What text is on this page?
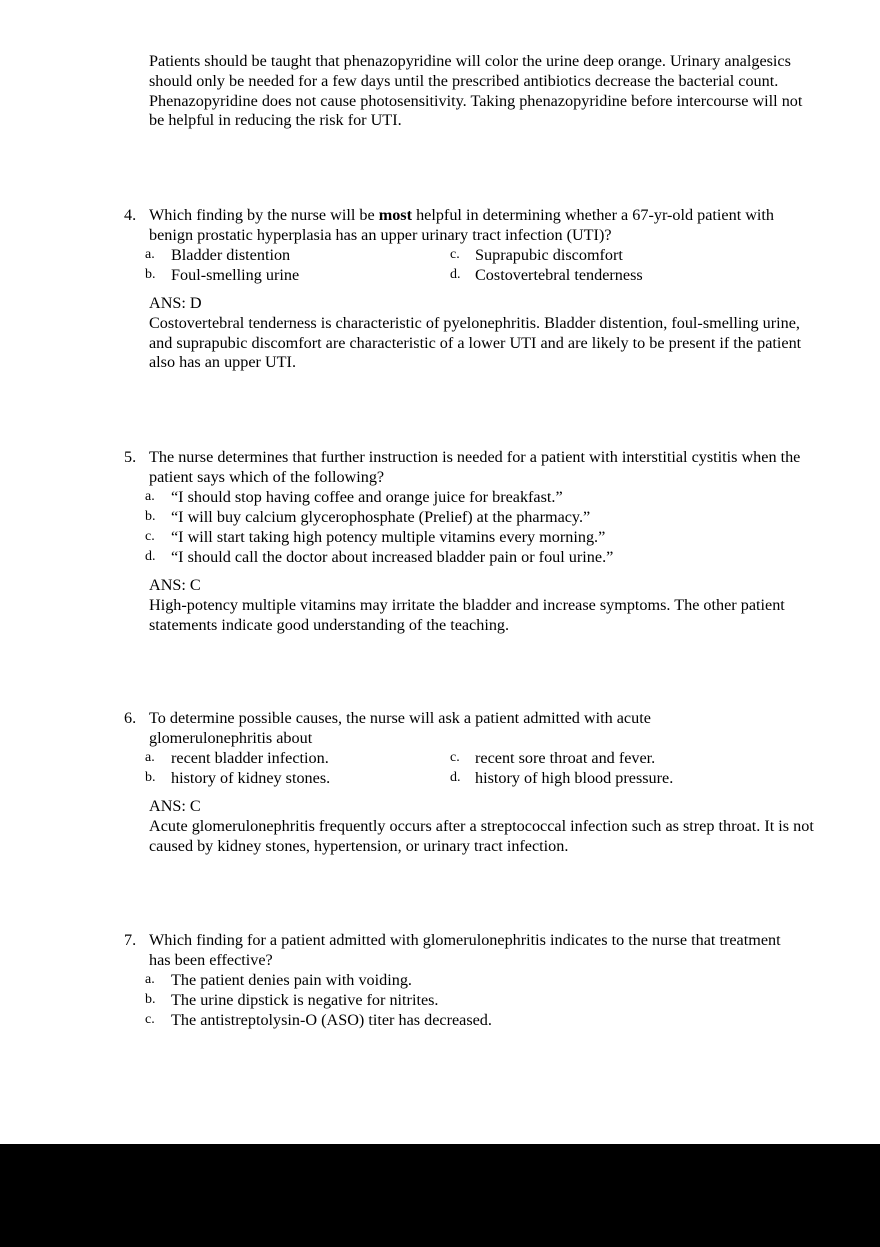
Patients should be taught that phenazopyridine will color the urine deep orange. Urinary analgesics should only be needed for a few days until the prescribed antibiotics decrease the bacterial count. Phenazopyridine does not cause photosensitivity. Taking phenazopyridine before intercourse will not be helpful in reducing the risk for UTI.

4. Which finding by the nurse will be most helpful in determining whether a 67-yr-old patient with benign prostatic hyperplasia has an upper urinary tract infection (UTI)?
a. Bladder distention
b. Foul-smelling urine
c. Suprapubic discomfort
d. Costovertebral tenderness
ANS: D
Costovertebral tenderness is characteristic of pyelonephritis. Bladder distention, foul-smelling urine, and suprapubic discomfort are characteristic of a lower UTI and are likely to be present if the patient also has an upper UTI.
5. The nurse determines that further instruction is needed for a patient with interstitial cystitis when the patient says which of the following?
a. “I should stop having coffee and orange juice for breakfast.”
b. “I will buy calcium glycerophosphate (Prelief) at the pharmacy.”
c. “I will start taking high potency multiple vitamins every morning.”
d. “I should call the doctor about increased bladder pain or foul urine.”
ANS: C
High-potency multiple vitamins may irritate the bladder and increase symptoms. The other patient statements indicate good understanding of the teaching.
6. To determine possible causes, the nurse will ask a patient admitted with acute glomerulonephritis about
a. recent bladder infection.
b. history of kidney stones.
c. recent sore throat and fever.
d. history of high blood pressure.
ANS: C
Acute glomerulonephritis frequently occurs after a streptococcal infection such as strep throat. It is not caused by kidney stones, hypertension, or urinary tract infection.
7. Which finding for a patient admitted with glomerulonephritis indicates to the nurse that treatment has been effective?
a. The patient denies pain with voiding.
b. The urine dipstick is negative for nitrites.
c. The antistreptolysin-O (ASO) titer has decreased.
